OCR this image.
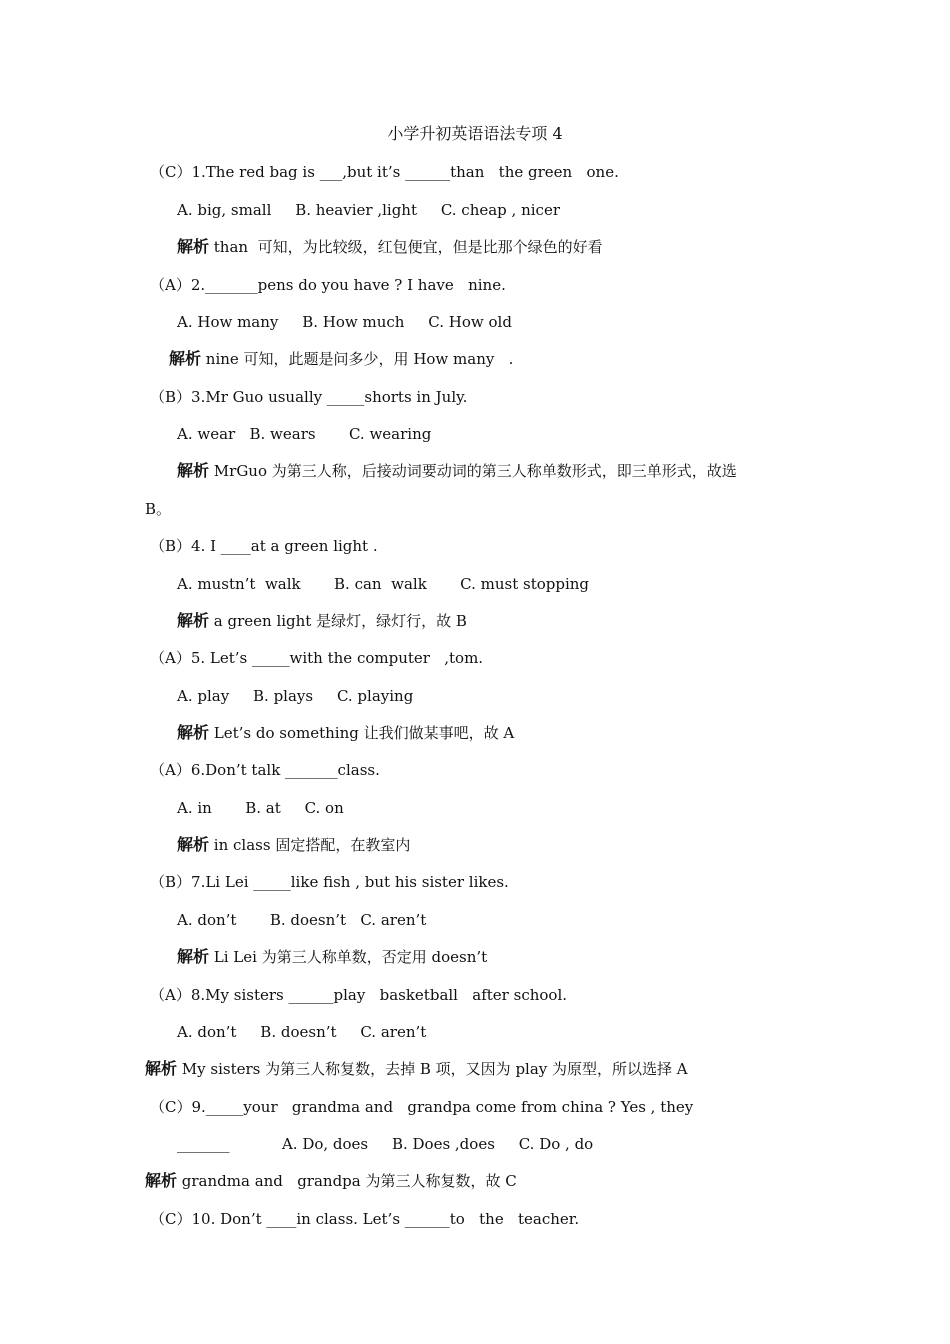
小学升初英语语法专项 4
（C）1.The red bag is ___,but it’s ______than   the green   one.
A. big, small     B. heavier ,light     C. cheap , nicer
解析 than  可知，为比较级，红包便宜，但是比那个绿色的好看
（A）2._______pens do you have ? I have   nine.
A. How many     B. How much     C. How old
解析 nine 可知，此题是问多少，用 How many   .
（B）3.Mr Guo usually _____shorts in July.
A. wear   B. wears       C. wearing
解析 MrGuo 为第三人称，后接动词要动词的第三人称单数形式，即三单形式，故选
B。
（B）4. I ____at a green light .
A. mustn’t  walk       B. can  walk       C. must stopping
解析 a green light 是绿灯，绿灯行，故 B
（A）5. Let’s _____with the computer   ,tom.
A. play     B. plays     C. playing
解析 Let’s do something 让我们做某事吧，故 A
（A）6.Don’t talk _______class.
A. in       B. at     C. on
解析 in class 固定搭配，在教室内
（B）7.Li Lei _____like fish , but his sister likes.
A. don’t       B. doesn’t   C. aren’t
解析 Li Lei 为第三人称单数，否定用 doesn’t
（A）8.My sisters ______play   basketball   after school.
A. don’t     B. doesn’t     C. aren’t
解析 My sisters 为第三人称复数，去掉 B 项，又因为 play 为原型，所以选择 A
（C）9._____your   grandma and   grandpa come from china ? Yes , they
_______           A. Do, does     B. Does ,does     C. Do , do
解析 grandma and   grandpa 为第三人称复数，故 C
（C）10. Don’t ____in class. Let’s ______to   the   teacher.
